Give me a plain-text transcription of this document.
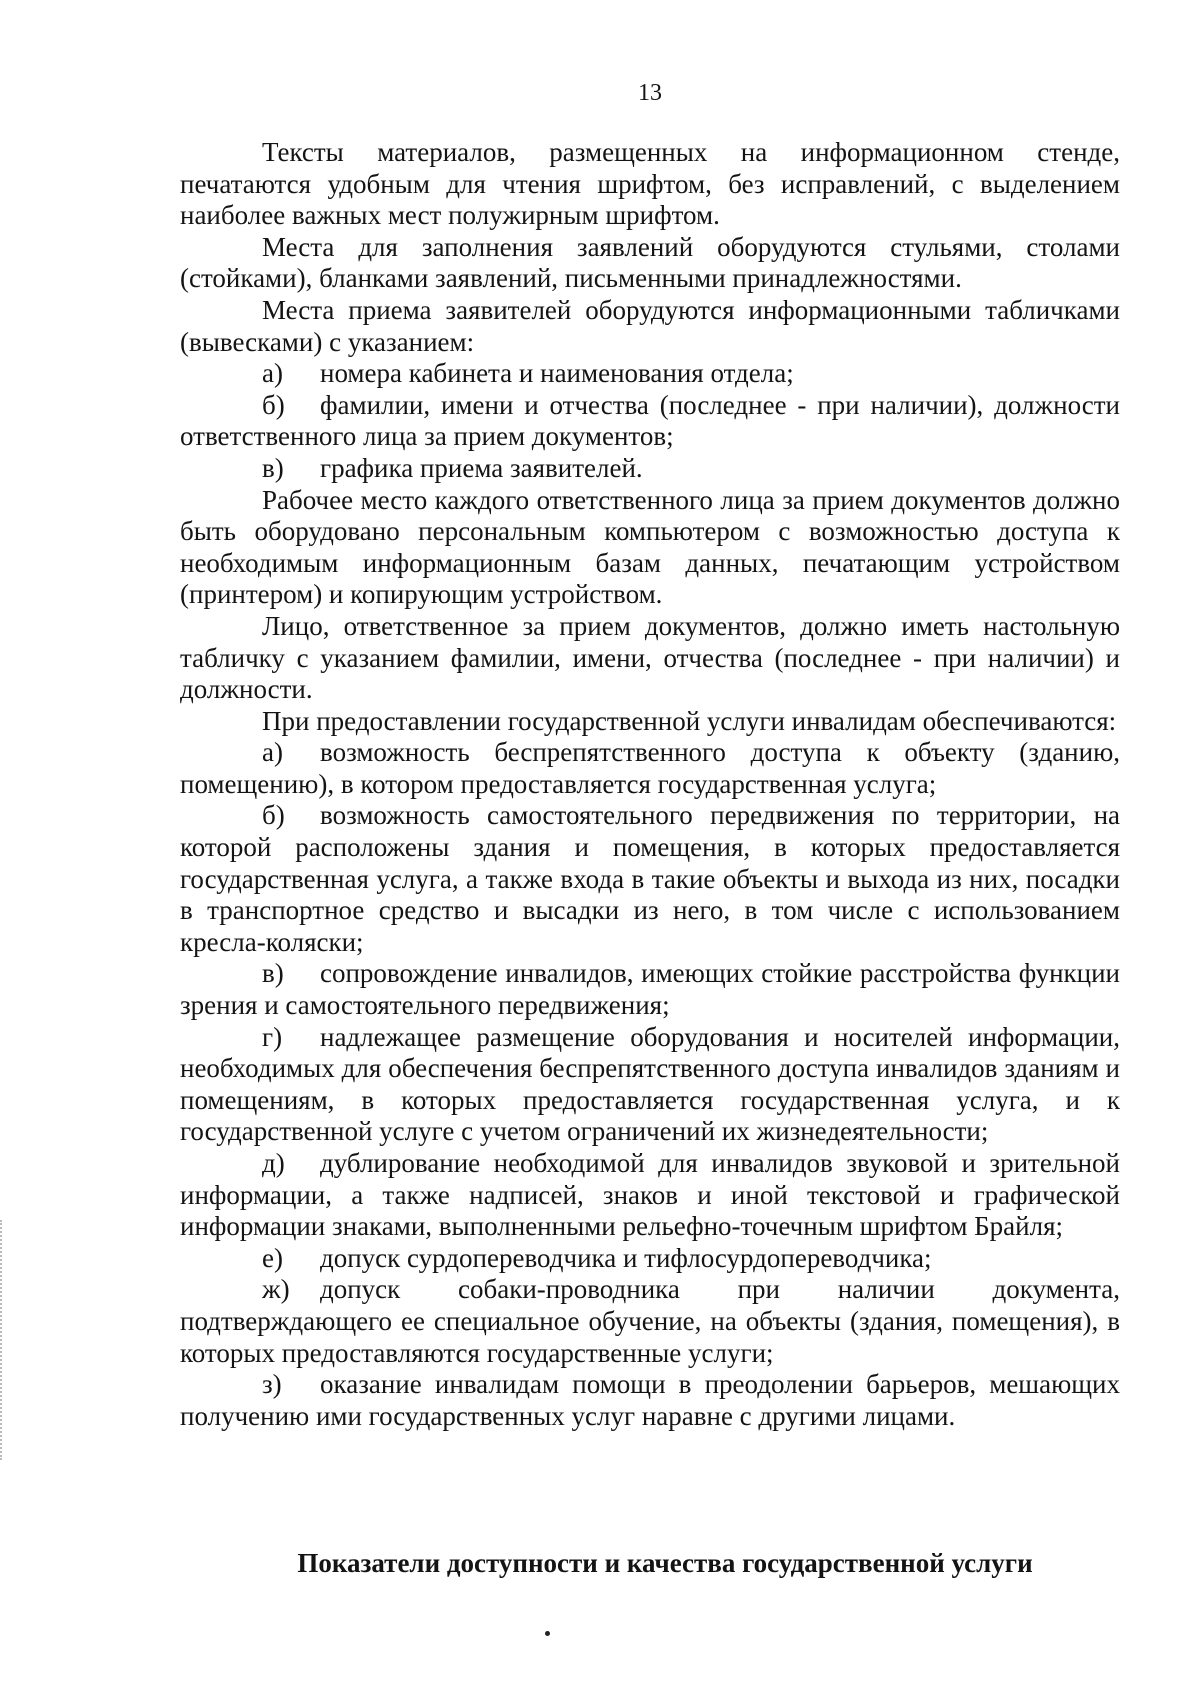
13

Тексты материалов, размещенных на информационном стенде, печатаются удобным для чтения шрифтом, без исправлений, с выделением наиболее важных мест полужирным шрифтом.

Места для заполнения заявлений оборудуются стульями, столами (стойками), бланками заявлений, письменными принадлежностями.

Места приема заявителей оборудуются информационными табличками (вывесками) с указанием:

а) номера кабинета и наименования отдела;

б) фамилии, имени и отчества (последнее - при наличии), должности ответственного лица за прием документов;

в) графика приема заявителей.

Рабочее место каждого ответственного лица за прием документов должно быть оборудовано персональным компьютером с возможностью доступа к необходимым информационным базам данных, печатающим устройством (принтером) и копирующим устройством.

Лицо, ответственное за прием документов, должно иметь настольную табличку с указанием фамилии, имени, отчества (последнее - при наличии) и должности.

При предоставлении государственной услуги инвалидам обеспечиваются:

а) возможность беспрепятственного доступа к объекту (зданию, помещению), в котором предоставляется государственная услуга;

б) возможность самостоятельного передвижения по территории, на которой расположены здания и помещения, в которых предоставляется государственная услуга, а также входа в такие объекты и выхода из них, посадки в транспортное средство и высадки из него, в том числе с использованием кресла-коляски;

в) сопровождение инвалидов, имеющих стойкие расстройства функции зрения и самостоятельного передвижения;

г) надлежащее размещение оборудования и носителей информации, необходимых для обеспечения беспрепятственного доступа инвалидов зданиям и помещениям, в которых предоставляется государственная услуга, и к государственной услуге с учетом ограничений их жизнедеятельности;

д) дублирование необходимой для инвалидов звуковой и зрительной информации, а также надписей, знаков и иной текстовой и графической информации знаками, выполненными рельефно-точечным шрифтом Брайля;

е) допуск сурдопереводчика и тифлосурдопереводчика;

ж) допуск собаки-проводника при наличии документа, подтверждающего ее специальное обучение, на объекты (здания, помещения), в которых предоставляются государственные услуги;

з) оказание инвалидам помощи в преодолении барьеров, мешающих получению ими государственных услуг наравне с другими лицами.

Показатели доступности и качества государственной услуги
